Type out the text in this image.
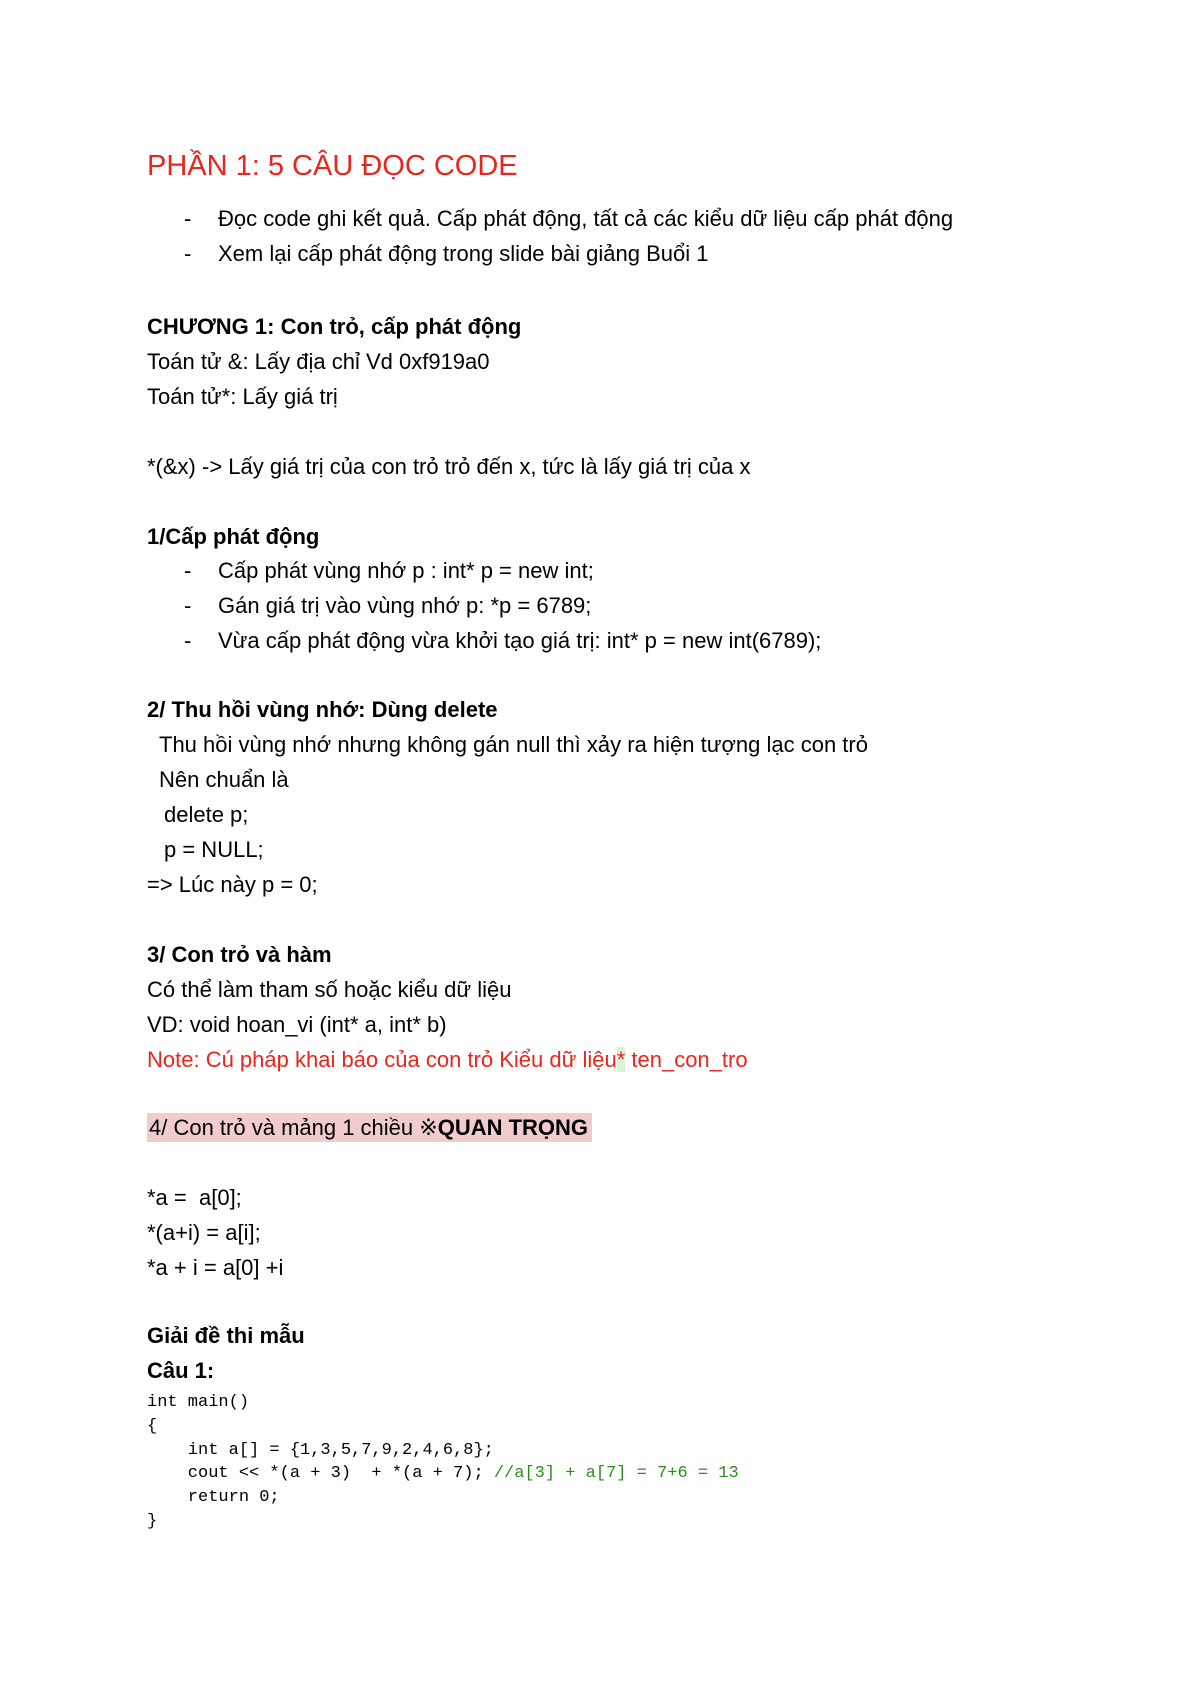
PHẦN 1: 5 CÂU ĐỌC CODE
- Đọc code ghi kết quả. Cấp phát động, tất cả các kiểu dữ liệu cấp phát động
- Xem lại cấp phát động trong slide bài giảng Buổi 1
CHƯƠNG 1: Con trỏ, cấp phát động
Toán tử &: Lấy địa chỉ Vd 0xf919a0
Toán tử*: Lấy giá trị
*(&x) -> Lấy giá trị của con trỏ trỏ đến x, tức là lấy giá trị của x
1/Cấp phát động
- Cấp phát vùng nhớ p : int* p = new int;
- Gán giá trị vào vùng nhớ p: *p = 6789;
- Vừa cấp phát động vừa khởi tạo giá trị: int* p = new int(6789);
2/ Thu hồi vùng nhớ: Dùng delete
Thu hồi vùng nhớ nhưng không gán null thì xảy ra hiện tượng lạc con trỏ
Nên chuẩn là
delete p;
p = NULL;
=> Lúc này p = 0;
3/ Con trỏ và hàm
Có thể làm tham số hoặc kiểu dữ liệu
VD: void hoan_vi (int* a, int* b)
Note: Cú pháp khai báo của con trỏ Kiểu dữ liệu* ten_con_tro
4/ Con trỏ và mảng 1 chiều ※QUAN TRỌNG
*a =  a[0];
*(a+i) = a[i];
*a + i = a[0] +i
Giải đề thi mẫu
Câu 1:
int main()
{
int a[] = {1,3,5,7,9,2,4,6,8};
cout << *(a + 3)  + *(a + 7); //a[3] + a[7] = 7+6 = 13
return 0;
}
